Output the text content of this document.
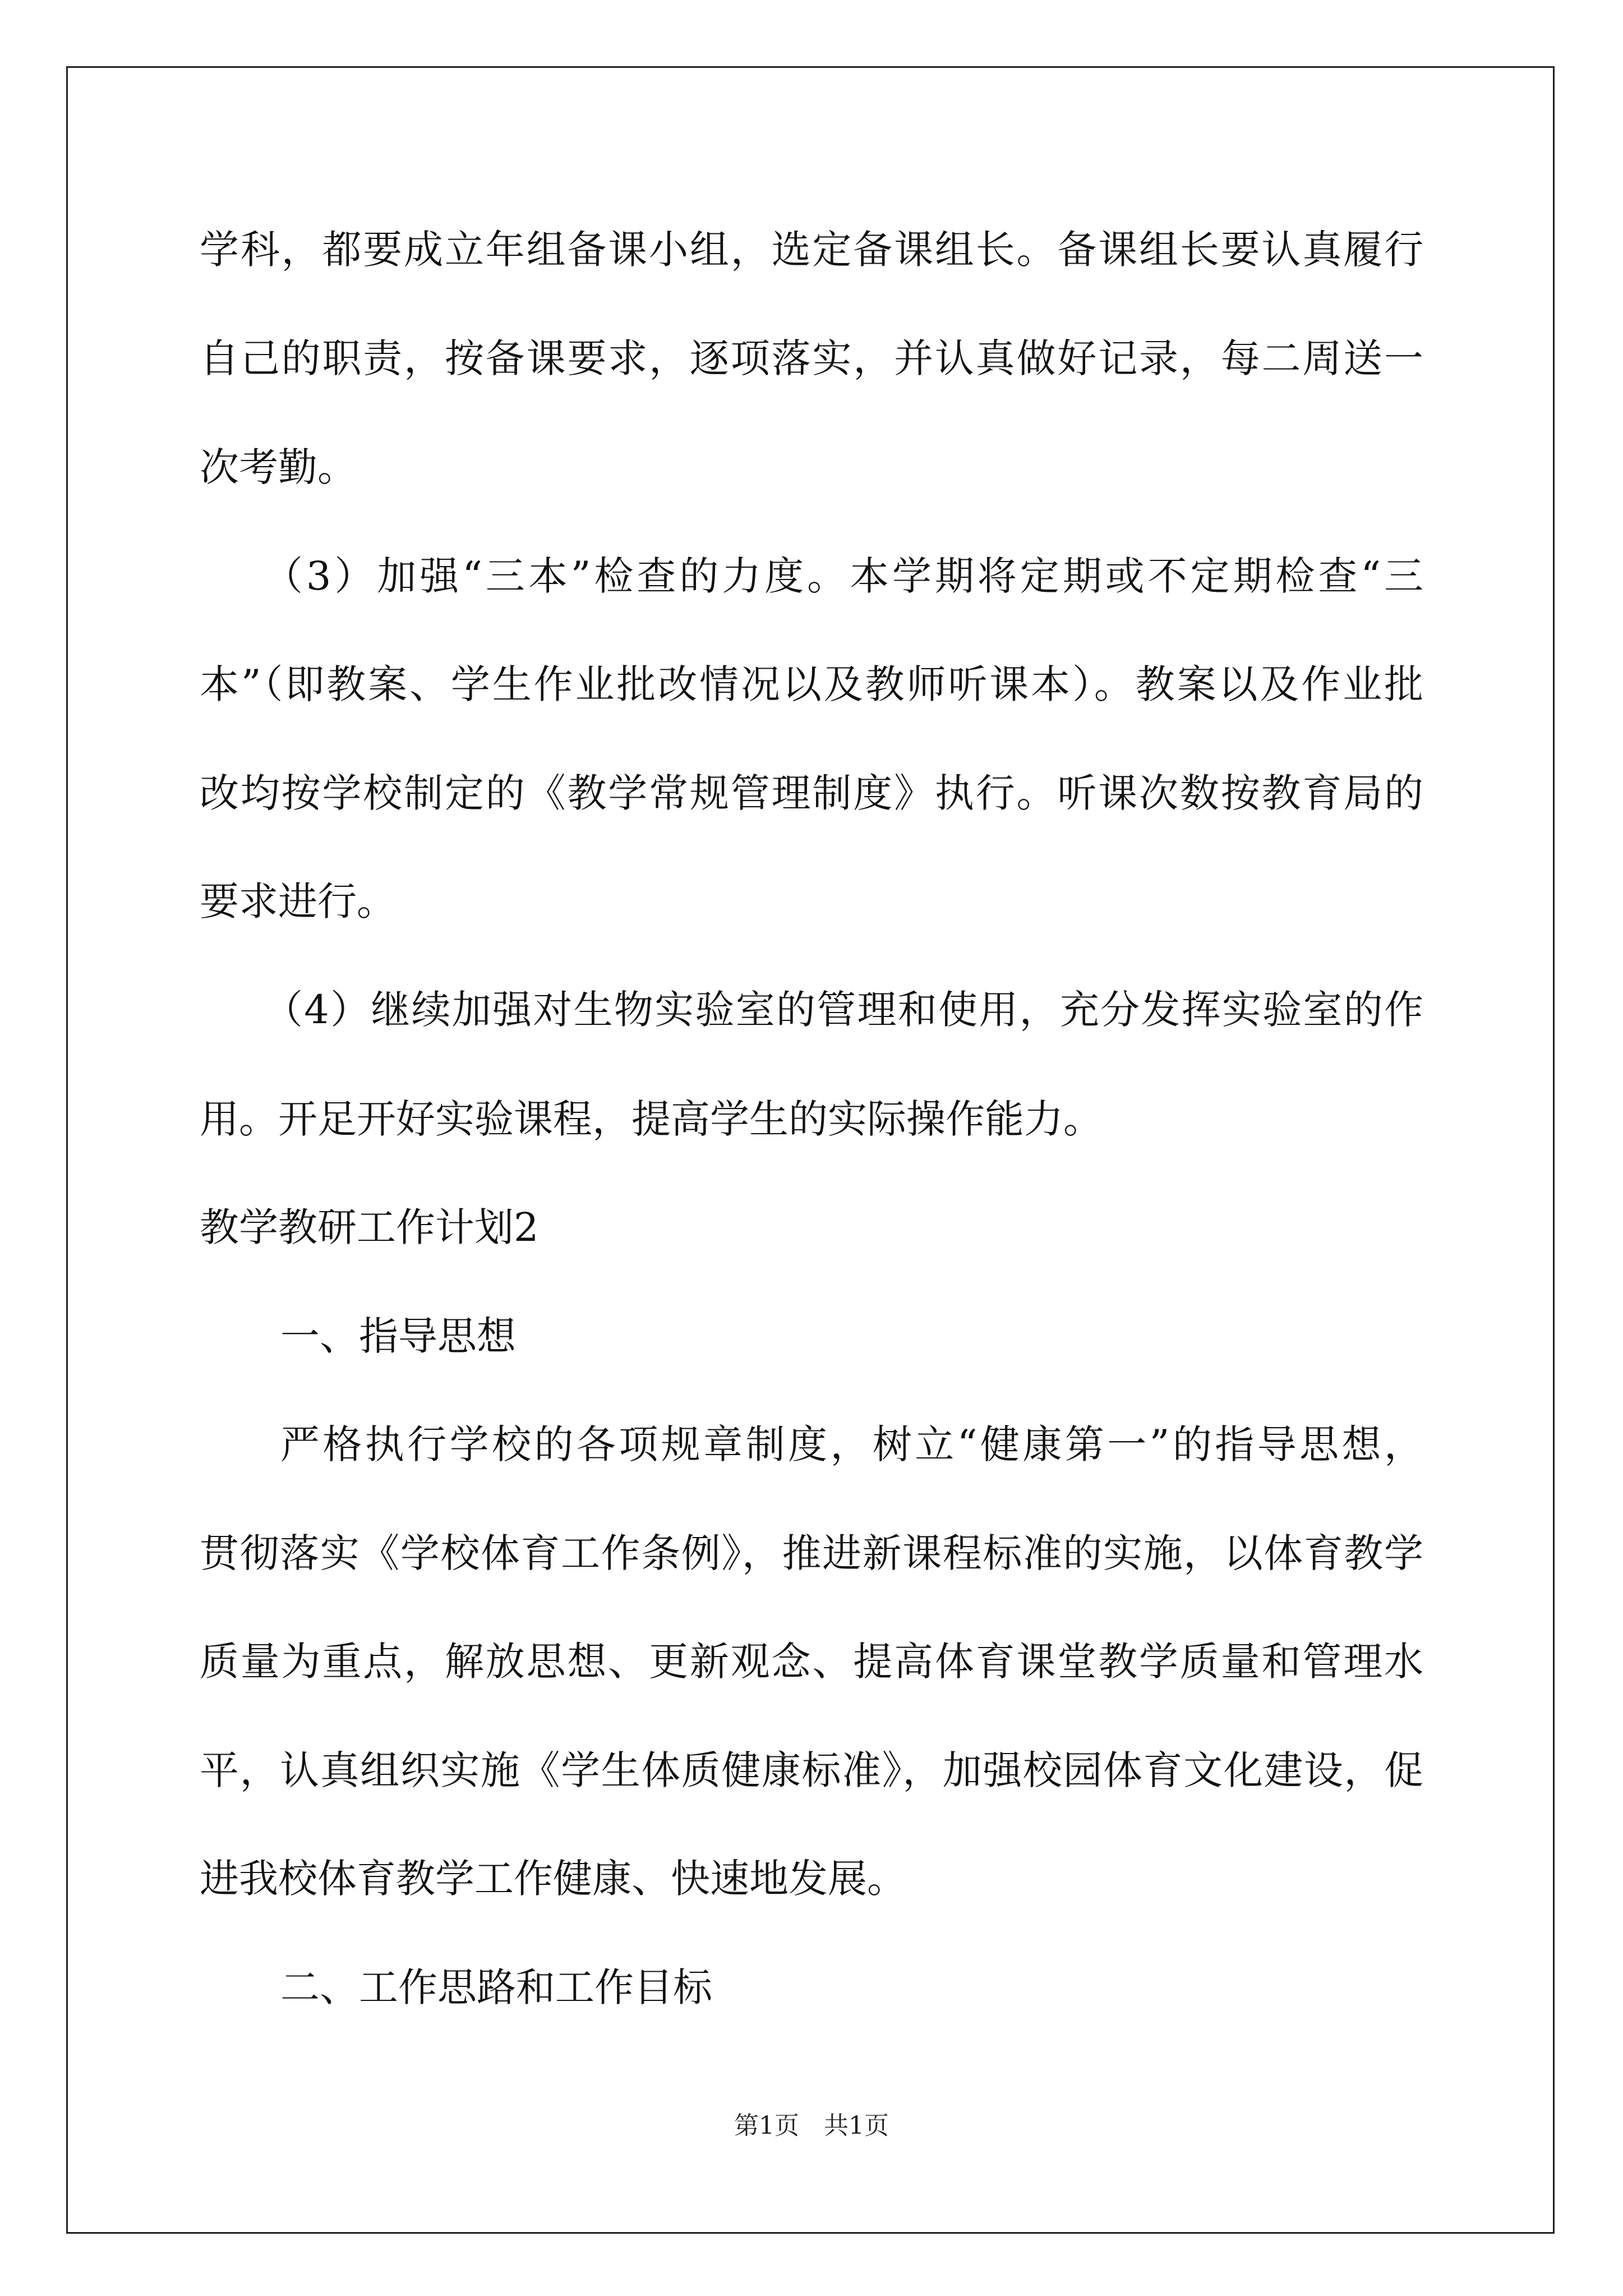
学科，都要成立年组备课小组，选定备课组长。备课组长要认真履行
自己的职责，按备课要求，逐项落实，并认真做好记录，每二周送一
次考勤。
（3）加强“三本”检查的力度。本学期将定期或不定期检查“三
本”（即教案、学生作业批改情况以及教师听课本）。教案以及作业批
改均按学校制定的《教学常规管理制度》执行。听课次数按教育局的
要求进行。
（4）继续加强对生物实验室的管理和使用，充分发挥实验室的作
用。开足开好实验课程，提高学生的实际操作能力。
教学教研工作计划2
一、指导思想
严格执行学校的各项规章制度，树立“健康第一”的指导思想，
贯彻落实《学校体育工作条例》，推进新课程标准的实施，以体育教学
质量为重点，解放思想、更新观念、提高体育课堂教学质量和管理水
平，认真组织实施《学生体质健康标准》，加强校园体育文化建设，促
进我校体育教学工作健康、快速地发展。
二、工作思路和工作目标
第1页　共1页
